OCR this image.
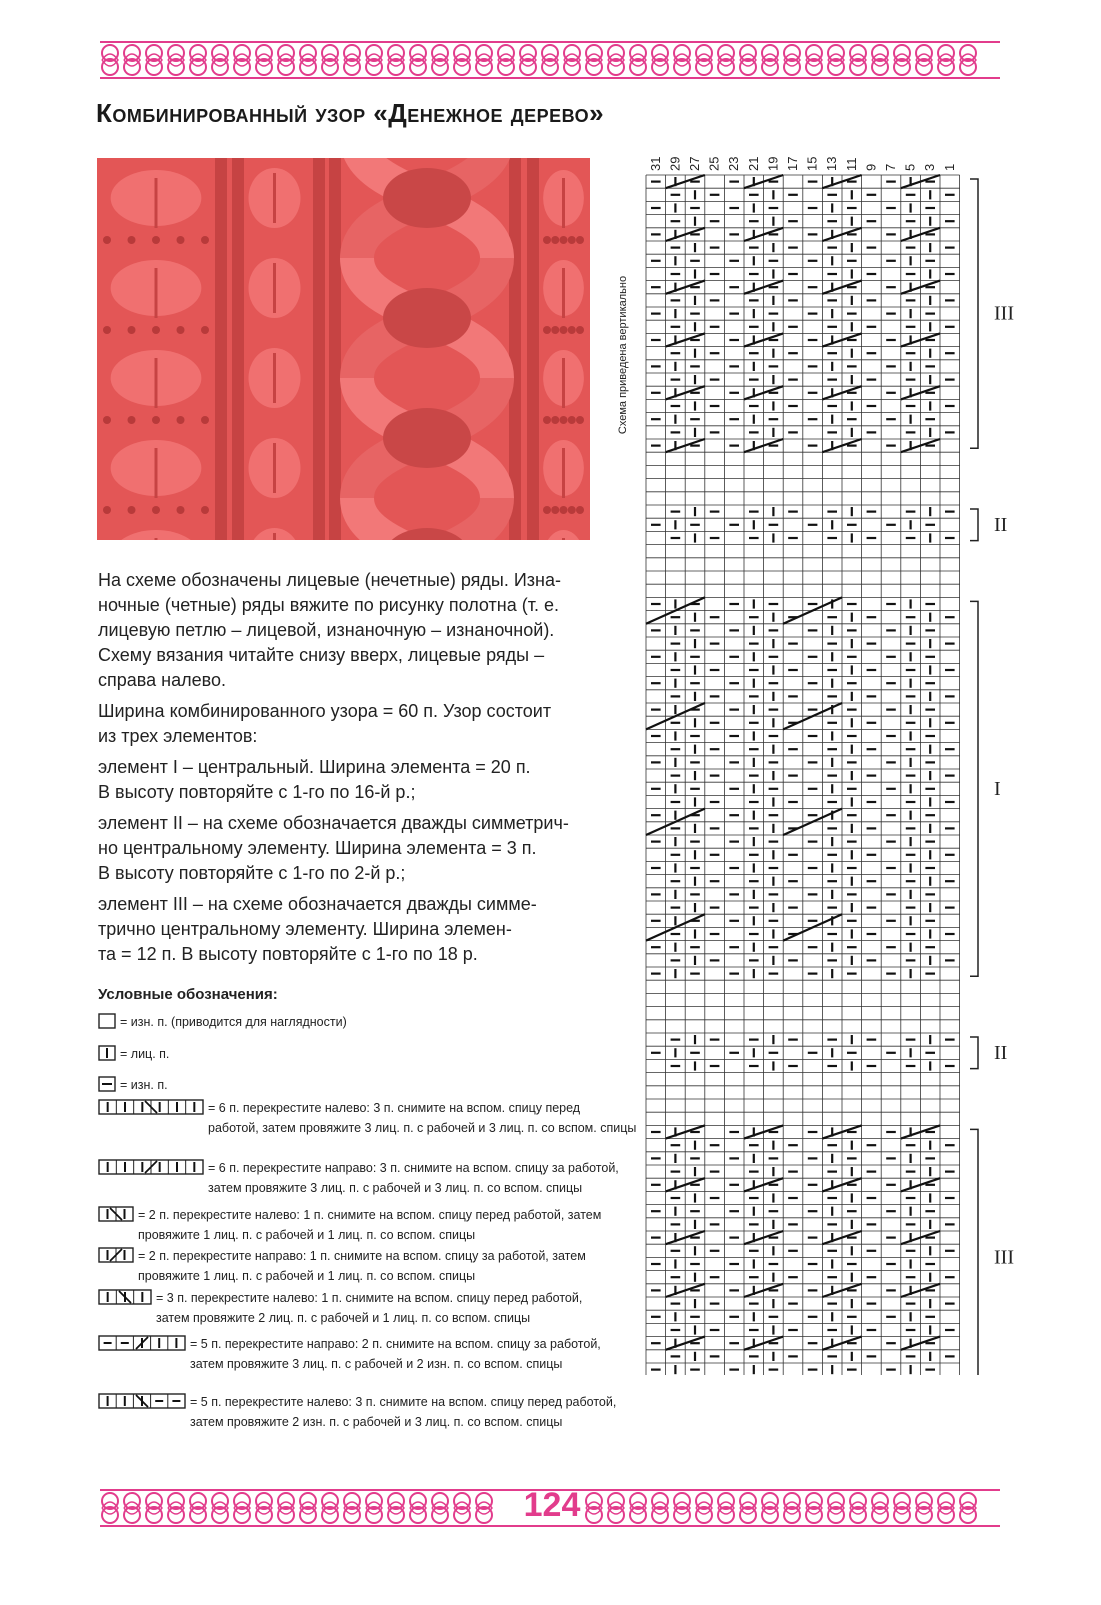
Комбинированный узор «Денежное дерево»

На схеме обозначены лицевые (нечетные) ряды. Изна-
ночные (четные) ряды вяжите по рисунку полотна (т. е.
лицевую петлю – лицевой, изнаночную – изнаночной).
Схему вязания читайте снизу вверх, лицевые ряды –
справа налево.

Ширина комбинированного узора = 60 п. Узор состоит
из трех элементов:

элемент I – центральный. Ширина элемента = 20 п.
В высоту повторяйте с 1-го по 16-й р.;

элемент II – на схеме обозначается дважды симметрич-
но центральному элементу. Ширина элемента = 3 п.
В высоту повторяйте с 1-го по 2-й р.;

элемент III – на схеме обозначается дважды симме-
трично центральному элементу. Ширина элемен-
та = 12 п. В высоту повторяйте с 1-го по 18 р.

Условные обозначения:
= изн. п. (приводится для наглядности)
= лиц. п.
= изн. п.
= 6 п. перекрестите налево: 3 п. снимите на вспом. спицу перед
работой, затем провяжите 3 лиц. п. с рабочей и 3 лиц. п. со вспом. спицы
= 6 п. перекрестите направо: 3 п. снимите на вспом. спицу за работой,
затем провяжите 3 лиц. п. с рабочей и 3 лиц. п. со вспом. спицы
= 2 п. перекрестите налево: 1 п. снимите на вспом. спицу перед работой, затем
провяжите 1 лиц. п. с рабочей и 1 лиц. п. со вспом. спицы
= 2 п. перекрестите направо: 1 п. снимите на вспом. спицу за работой, затем
провяжите 1 лиц. п. с рабочей и 1 лиц. п. со вспом. спицы
= 3 п. перекрестите налево: 1 п. снимите на вспом. спицу перед работой,
затем провяжите 2 лиц. п. с рабочей и 1 лиц. п. со вспом. спицы
= 5 п. перекрестите направо: 2 п. снимите на вспом. спицу за работой,
затем провяжите 3 лиц. п. с рабочей и 2 изн. п. со вспом. спицы
= 5 п. перекрестите налево: 3 п. снимите на вспом. спицу перед работой,
затем провяжите 2 изн. п. с рабочей и 3 лиц. п. со вспом. спицы
Схема приведена вертикально
31 29 27 25 23 21 19 17 15 13 11 9 7 5 3 1
III
II
I
II
III
124
